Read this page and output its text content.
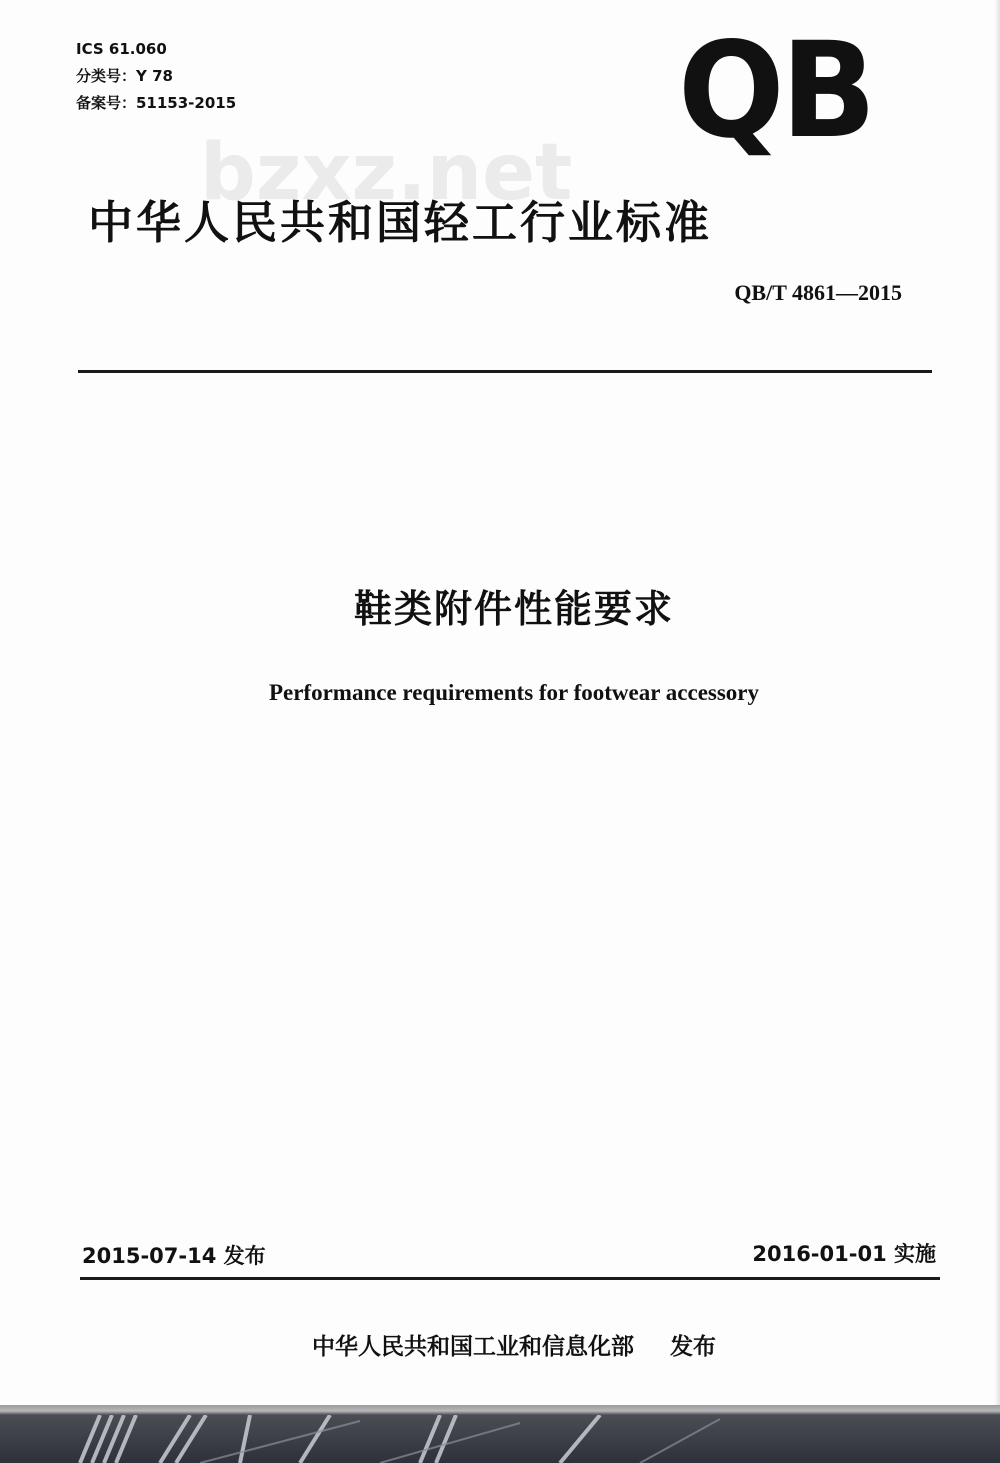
ICS 61.060
分类号：Y 78
备案号：51153-2015	QB
bzxz.net
中华人民共和国轻工行业标准
QB/T 4861—2015
鞋类附件性能要求
Performance requirements for footwear accessory
2015-07-14 发布	2016-01-01 实施
中华人民共和国工业和信息化部 发布
